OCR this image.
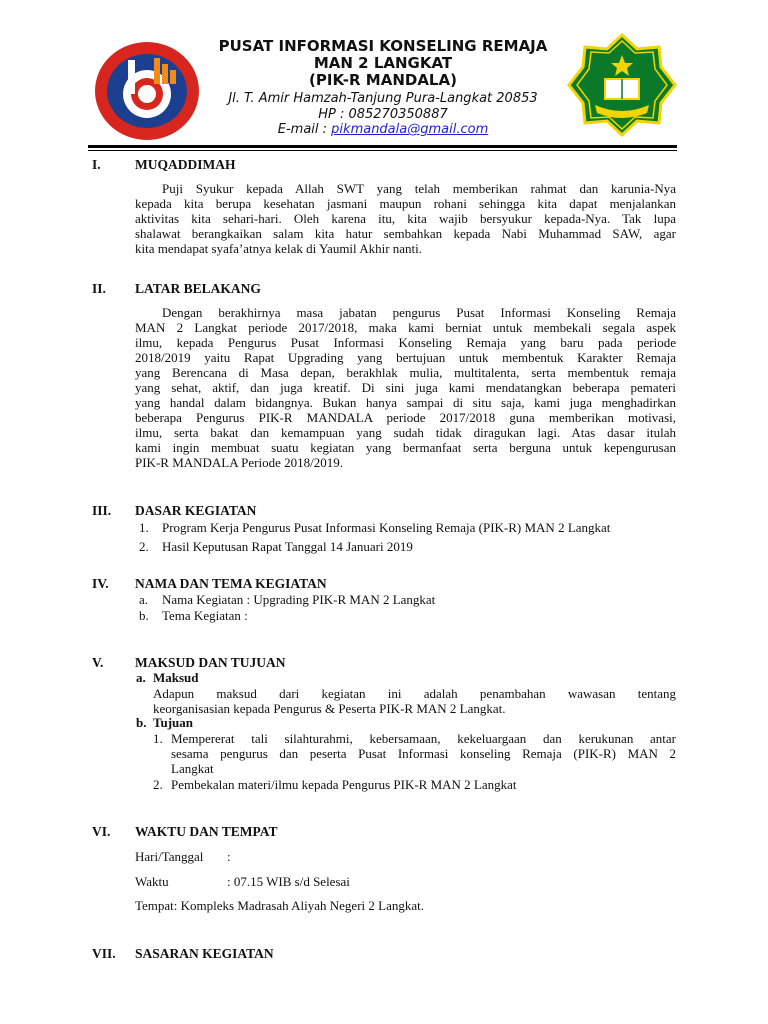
PUSAT INFORMASI KONSELING REMAJA
MAN 2 LANGKAT
(PIK-R MANDALA)
Jl. T. Amir Hamzah-Tanjung Pura-Langkat 20853
HP : 085270350887
E-mail : pikmandala@gmail.com
I.	MUQADDIMAH
Puji Syukur kepada Allah SWT yang telah memberikan rahmat dan karunia-Nya
kepada kita berupa kesehatan jasmani maupun rohani sehingga kita dapat menjalankan
aktivitas kita sehari-hari. Oleh karena itu, kita wajib bersyukur kepada-Nya. Tak lupa
shalawat berangkaikan salam kita hatur sembahkan kepada Nabi Muhammad SAW, agar
kita mendapat syafa’atnya kelak di Yaumil Akhir nanti.
II. LATAR BELAKANG
Dengan berakhirnya masa jabatan pengurus Pusat Informasi Konseling Remaja
MAN 2 Langkat periode 2017/2018, maka kami berniat untuk membekali segala aspek
ilmu, kepada Pengurus Pusat Informasi Konseling Remaja yang baru pada periode
2018/2019 yaitu Rapat Upgrading yang bertujuan untuk membentuk Karakter Remaja
yang Berencana di Masa depan, berakhlak mulia, multitalenta, serta membentuk remaja
yang sehat, aktif, dan juga kreatif. Di sini juga kami mendatangkan beberapa pemateri
yang handal dalam bidangnya. Bukan hanya sampai di situ saja, kami juga menghadirkan
beberapa Pengurus PIK-R MANDALA periode 2017/2018 guna memberikan motivasi,
ilmu, serta bakat dan kemampuan yang sudah tidak diragukan lagi. Atas dasar itulah
kami ingin membuat suatu kegiatan yang bermanfaat serta berguna untuk kepengurusan
PIK-R MANDALA Periode 2018/2019.
III. DASAR KEGIATAN
1. Program Kerja Pengurus Pusat Informasi Konseling Remaja (PIK-R) MAN 2 Langkat
2. Hasil Keputusan Rapat Tanggal 14 Januari 2019
IV. NAMA DAN TEMA KEGIATAN
a. Nama Kegiatan : Upgrading PIK-R MAN 2 Langkat
b. Tema Kegiatan :
V. MAKSUD DAN TUJUAN
a. Maksud
Adapun maksud dari kegiatan ini adalah penambahan wawasan tentang
keorganisasian kepada Pengurus & Peserta PIK-R MAN 2 Langkat.
b. Tujuan
1. Mempererat tali silahturahmi, kebersamaan, kekeluargaan dan kerukunan antar
sesama pengurus dan peserta Pusat Informasi konseling Remaja (PIK-R) MAN 2
Langkat
2. Pembekalan materi/ilmu kepada Pengurus PIK-R MAN 2 Langkat
VI. WAKTU DAN TEMPAT
Hari/Tanggal :
Waktu	: 07.15 WIB s/d Selesai
Tempat: Kompleks Madrasah Aliyah Negeri 2 Langkat.
VII. SASARAN KEGIATAN
